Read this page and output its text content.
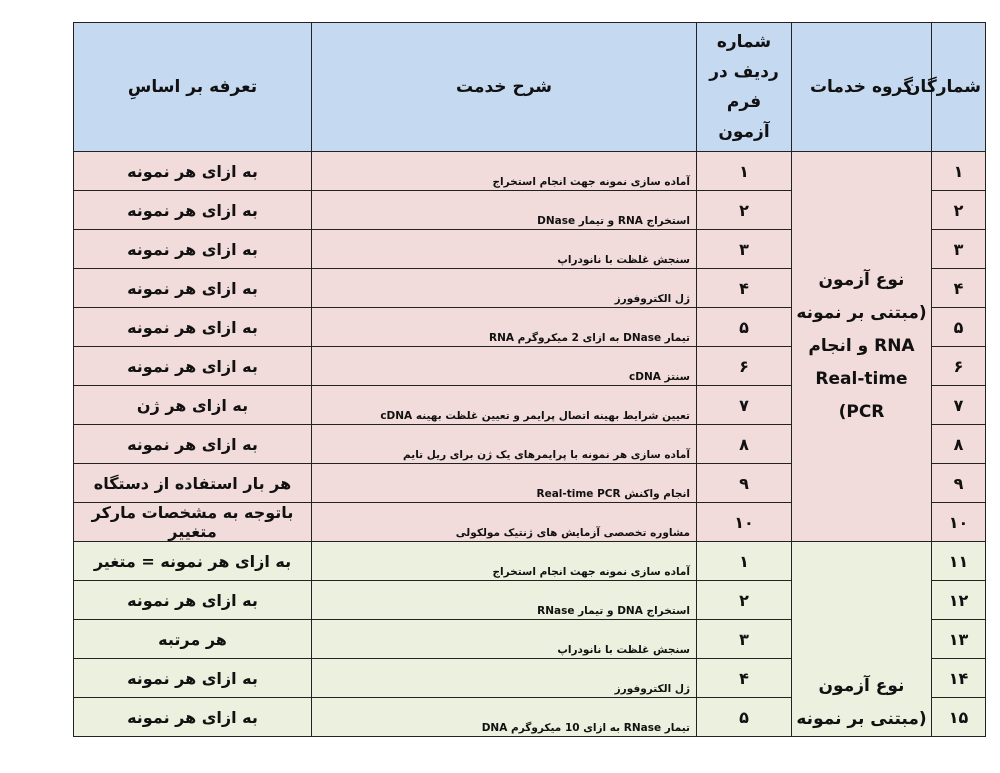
تعرفه بر اساسِ	شرح خدمت	شماره ردیف در فرم آزمون	گروه خدمات	شمارگان
به ازای هر نمونه	آماده سازی نمونه جهت انجام استخراج	۱	نوع آزمون (مبتنی بر نمونه RNA و انجام Real-time PCR)	۱
به ازای هر نمونه	استخراج RNA و تیمار DNase	۲		۲
به ازای هر نمونه	سنجش غلظت با نانودراپ	۳		۳
به ازای هر نمونه	ژل الکتروفورز	۴		۴
به ازای هر نمونه	تیمار DNase به ازای 2 میکروگرم RNA	۵		۵
به ازای هر نمونه	سنتز cDNA	۶		۶
به ازای هر ژن	تعیین شرایط بهینه اتصال پرایمر و تعیین غلظت بهینه cDNA	۷		۷
به ازای هر نمونه	آماده سازی هر نمونه با پرایمرهای یک ژن برای ریل تایم	۸		۸
هر بار استفاده از دستگاه	انجام واکنش Real-time PCR	۹		۹
باتوجه به مشخصات مارکر متغییر	مشاوره تخصصی آزمایش های ژنتیک مولکولی	۱۰		۱۰
به ازای هر نمونه = متغیر	آماده سازی نمونه جهت انجام استخراج	۱	نوع آزمون (مبتنی بر نمونه	۱۱
به ازای هر نمونه	استخراج DNA و تیمار RNase	۲		۱۲
هر مرتبه	سنجش غلظت با نانودراپ	۳		۱۳
به ازای هر نمونه	ژل الکتروفورز	۴		۱۴
به ازای هر نمونه	تیمار RNase به ازای 10 میکروگرم DNA	۵		۱۵
